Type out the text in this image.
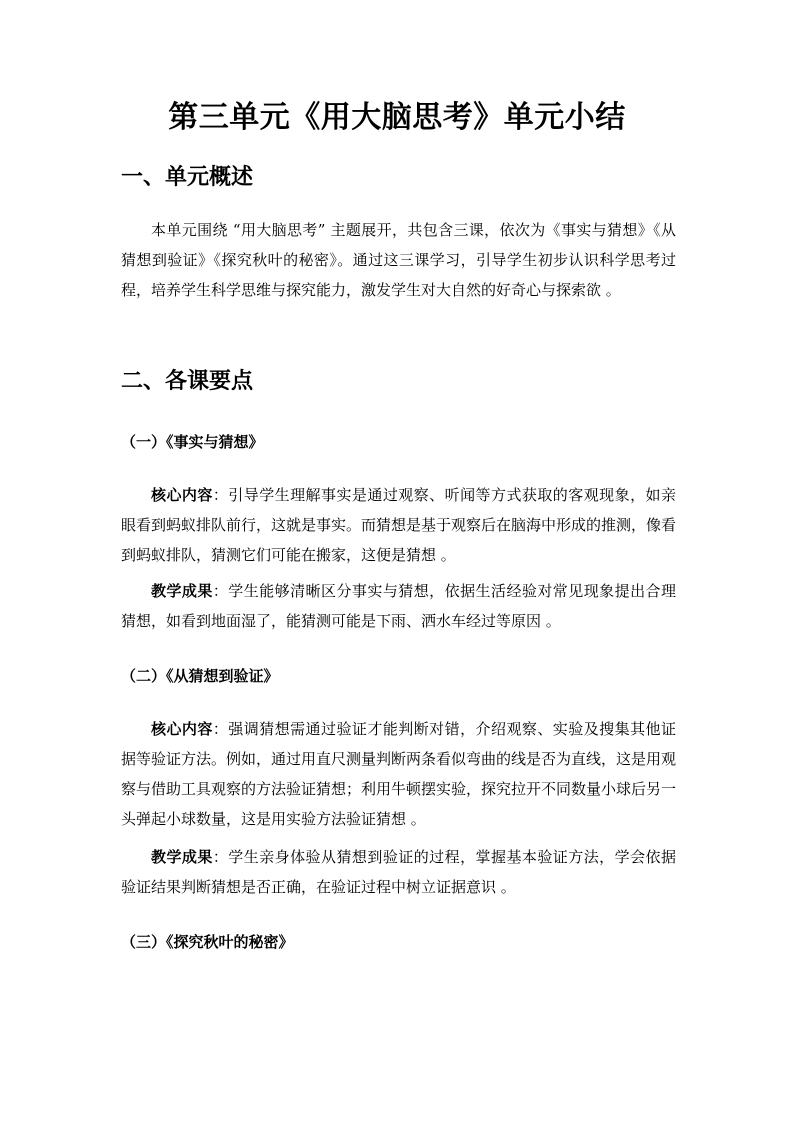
第三单元《用大脑思考》单元小结
一、单元概述

本单元围绕 “用大脑思考” 主题展开，共包含三课，依次为《事实与猜想》《从猜想到验证》《探究秋叶的秘密》。通过这三课学习，引导学生初步认识科学思考过程，培养学生科学思维与探究能力，激发学生对大自然的好奇心与探索欲 。

二、各课要点
（一）《事实与猜想》

核心内容：引导学生理解事实是通过观察、听闻等方式获取的客观现象，如亲眼看到蚂蚁排队前行，这就是事实。而猜想是基于观察后在脑海中形成的推测，像看到蚂蚁排队，猜测它们可能在搬家，这便是猜想 。

教学成果：学生能够清晰区分事实与猜想，依据生活经验对常见现象提出合理猜想，如看到地面湿了，能猜测可能是下雨、洒水车经过等原因 。

（二）《从猜想到验证》

核心内容：强调猜想需通过验证才能判断对错，介绍观察、实验及搜集其他证据等验证方法。例如，通过用直尺测量判断两条看似弯曲的线是否为直线，这是用观察与借助工具观察的方法验证猜想；利用牛顿摆实验，探究拉开不同数量小球后另一头弹起小球数量，这是用实验方法验证猜想 。

教学成果：学生亲身体验从猜想到验证的过程，掌握基本验证方法，学会依据验证结果判断猜想是否正确，在验证过程中树立证据意识 。

（三）《探究秋叶的秘密》
